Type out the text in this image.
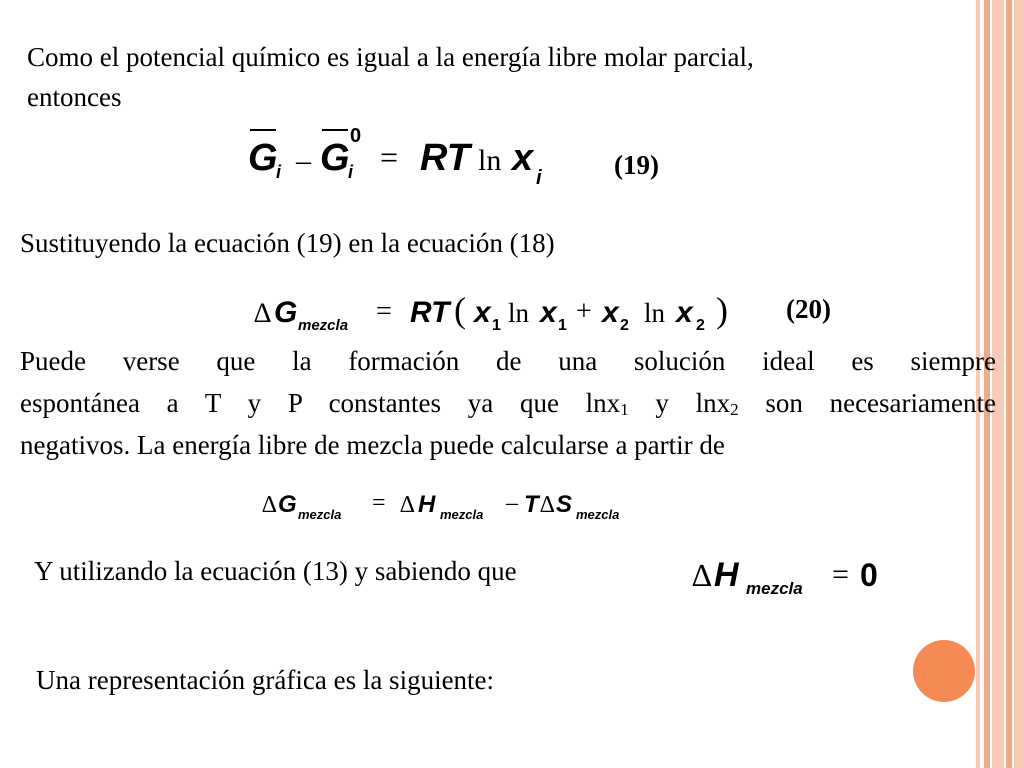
Como el potencial químico es igual a la energía libre molar parcial,
entonces
G
i – G
i
0
= RT ln x i	(19)
Sustituyendo la ecuación (19) en la ecuación (18)
∆ G mezcla = RT ( x 1 ln x 1 + x 2 ln x 2 ) (20)
Puede verse que la formación de una solución ideal es siempre
espontánea a T y P constantes ya que lnx$_1$ y lnx$_2$ son necesariamente
negativos. La energía libre de mezcla puede calcularse a partir de
∆ G mezcla = ∆ H mezcla – T ∆ S mezcla
Y utilizando la ecuación (13) y sabiendo que	∆ H mezcla = 0
Una representación gráfica es la siguiente:
